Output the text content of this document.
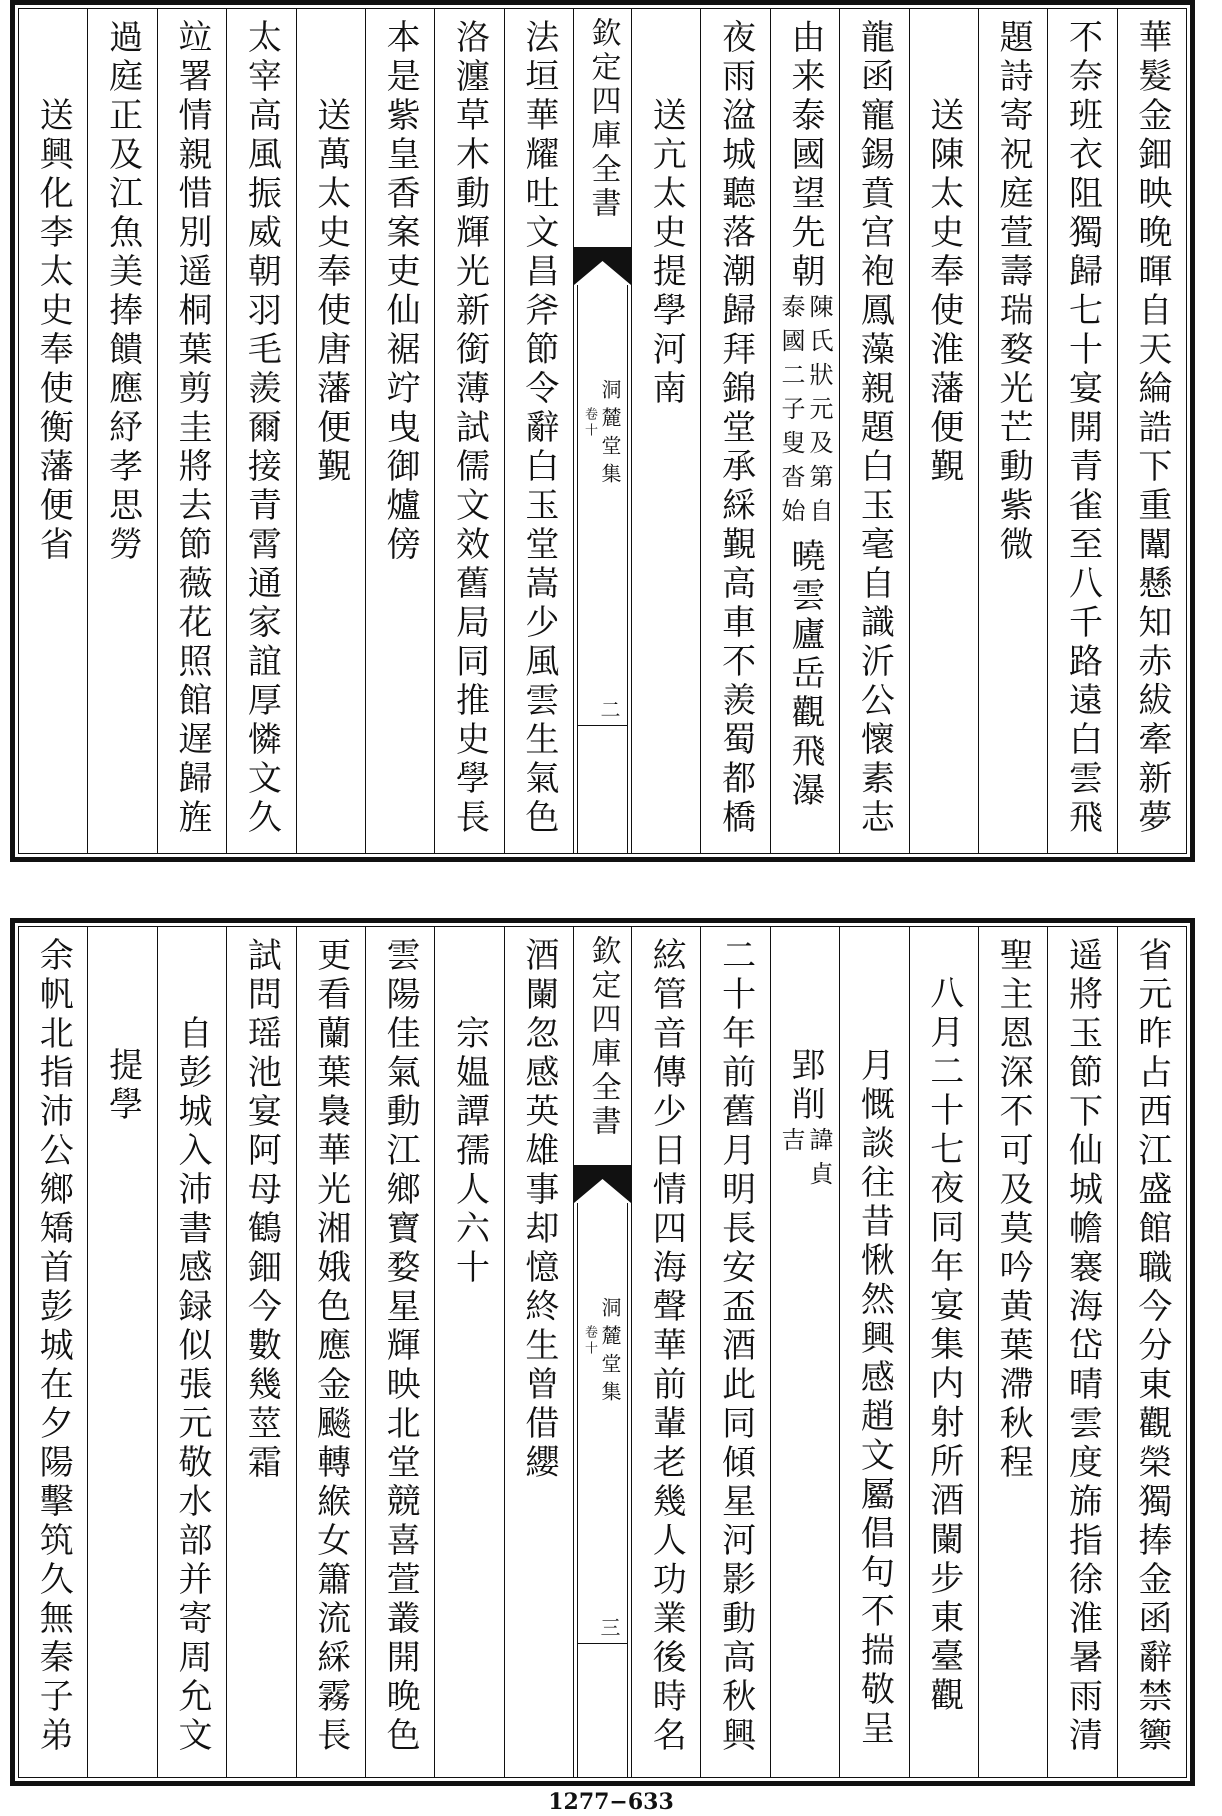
華髮金鈿映晚暉自天綸誥下重闈懸知赤紱牽新夢
不奈班衣阻獨歸七十宴開青雀至八千路遠白雲飛
題詩寄祝庭萱壽瑞婺光芒動紫微
送陳太史奉使淮藩便覲
龍函寵錫賁宫袍鳳藻親題白玉毫自識沂公懷素志
由来泰國望先朝
陳氏狀元及第自
泰國二子叟沓始
曉雲廬岳觀飛瀑
夜雨湓城聽落潮歸拜錦堂承綵覲高車不羨蜀都橋
送亢太史提學河南
欽定四庫全書
洞麓堂集
卷十
二
法垣華耀吐文昌斧節令辭白玉堂嵩少風雲生氣色
洛瀍草木動輝光新銜薄試儒文效舊局同推史學長
本是紫皇香案吏仙裾竚曳御爐傍
送萬太史奉使唐藩便覲
太宰高風振威朝羽毛羨爾接青霄通家誼厚憐文久
竝署情親惜別遥桐葉剪圭將去節薇花照館遅歸旌
過庭正及江魚美捧饋應紓孝思勞
送興化李太史奉使衡藩便省
省元昨占西江盛館職今分東觀榮獨捧金函辭禁籞
遥將玉節下仙城幨褰海岱晴雲度旆指徐淮暑雨清
聖主恩深不可及莫吟黄葉滯秋程
八月二十七夜同年宴集内射所酒闌步東臺觀
月慨談往昔愀然興感趙文屬倡句不揣敬呈
郢削
諱貞
吉
二十年前舊月明長安盃酒此同傾星河影動高秋興
絃管音傳少日情四海聲華前輩老幾人功業後時名
欽定四庫全書
洞麓堂集
卷十
三
酒闌忽感英雄事却憶終生曾借纓
宗媪譚孺人六十
雲陽佳氣動江鄉寶婺星輝映北堂競喜萱叢開晚色
更看蘭葉裊華光湘娥色應金飈轉緱女簫流綵霧長
試問瑶池宴阿母鶴鈿今數幾莖霜
自彭城入沛書感録似張元敬水部并寄周允文
提學
余帆北指沛公鄉矯首彭城在夕陽擊筑久無秦子弟
1277−633
